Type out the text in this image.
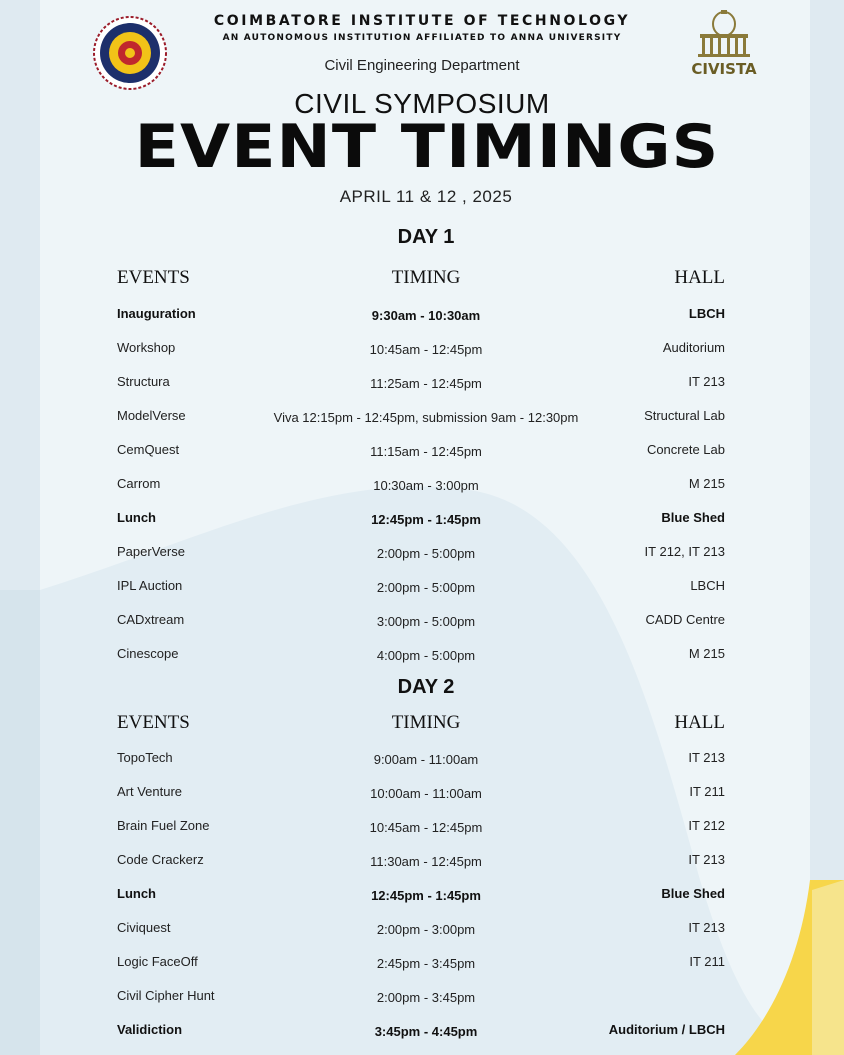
CIVISTA
COIMBATORE INSTITUTE OF TECHNOLOGY
AN AUTONOMOUS INSTITUTION AFFILIATED TO ANNA UNIVERSITY
Civil Engineering Department
CIVIL SYMPOSIUM
EVENT TIMINGS
APRIL 11 & 12 , 2025
DAY 1
EVENTS	TIMING	HALL
Inauguration	9:30am - 10:30am	LBCH
Workshop	10:45am - 12:45pm	Auditorium
Structura	11:25am - 12:45pm	IT 213
ModelVerse	Viva 12:15pm - 12:45pm, submission 9am - 12:30pm	Structural Lab
CemQuest	11:15am - 12:45pm	Concrete Lab
Carrom	10:30am - 3:00pm	M 215
Lunch	12:45pm - 1:45pm	Blue Shed
PaperVerse	2:00pm - 5:00pm	IT 212, IT 213
IPL Auction	2:00pm - 5:00pm	LBCH
CADxtream	3:00pm - 5:00pm	CADD Centre
Cinescope	4:00pm - 5:00pm	M 215
DAY 2
EVENTS	TIMING	HALL
TopoTech	9:00am - 11:00am	IT 213
Art Venture	10:00am - 11:00am	IT 211
Brain Fuel Zone	10:45am - 12:45pm	IT 212
Code Crackerz	11:30am - 12:45pm	IT 213
Lunch	12:45pm - 1:45pm	Blue Shed
Civiquest	2:00pm - 3:00pm	IT 213
Logic FaceOff	2:45pm - 3:45pm	IT 211
Civil Cipher Hunt	2:00pm - 3:45pm
Validiction	3:45pm - 4:45pm	Auditorium / LBCH
